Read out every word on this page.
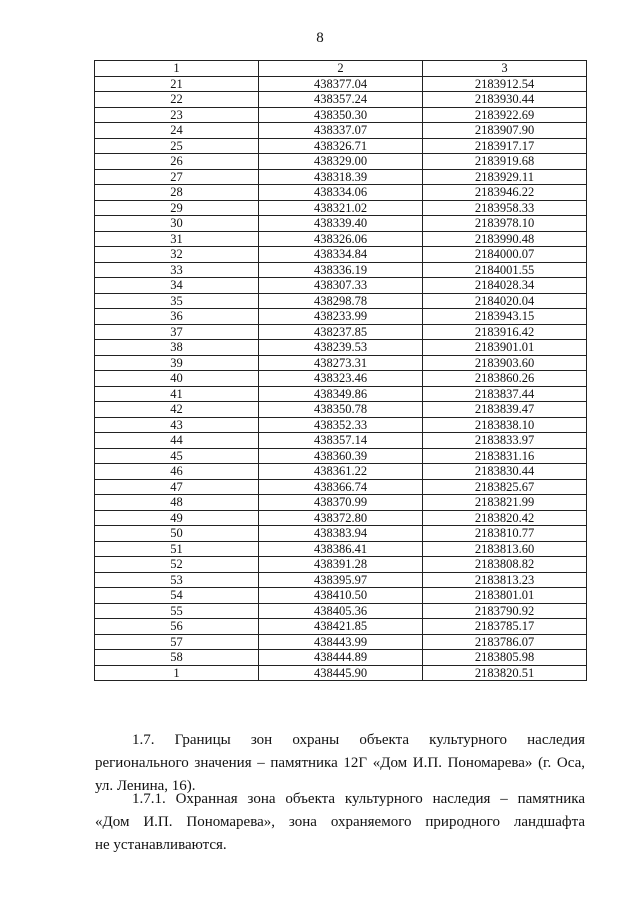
8
1	2	3
21	438377.04	2183912.54
22	438357.24	2183930.44
23	438350.30	2183922.69
24	438337.07	2183907.90
25	438326.71	2183917.17
26	438329.00	2183919.68
27	438318.39	2183929.11
28	438334.06	2183946.22
29	438321.02	2183958.33
30	438339.40	2183978.10
31	438326.06	2183990.48
32	438334.84	2184000.07
33	438336.19	2184001.55
34	438307.33	2184028.34
35	438298.78	2184020.04
36	438233.99	2183943.15
37	438237.85	2183916.42
38	438239.53	2183901.01
39	438273.31	2183903.60
40	438323.46	2183860.26
41	438349.86	2183837.44
42	438350.78	2183839.47
43	438352.33	2183838.10
44	438357.14	2183833.97
45	438360.39	2183831.16
46	438361.22	2183830.44
47	438366.74	2183825.67
48	438370.99	2183821.99
49	438372.80	2183820.42
50	438383.94	2183810.77
51	438386.41	2183813.60
52	438391.28	2183808.82
53	438395.97	2183813.23
54	438410.50	2183801.01
55	438405.36	2183790.92
56	438421.85	2183785.17
57	438443.99	2183786.07
58	438444.89	2183805.98
1	438445.90	2183820.51
1.7. Границы зон охраны объекта культурного наследия
регионального значения – памятника 12Г «Дом И.П. Пономарева» (г. Оса,
ул. Ленина, 16).
1.7.1. Охранная зона объекта культурного наследия – памятника
«Дом И.П. Пономарева», зона охраняемого природного ландшафта
не устанавливаются.
